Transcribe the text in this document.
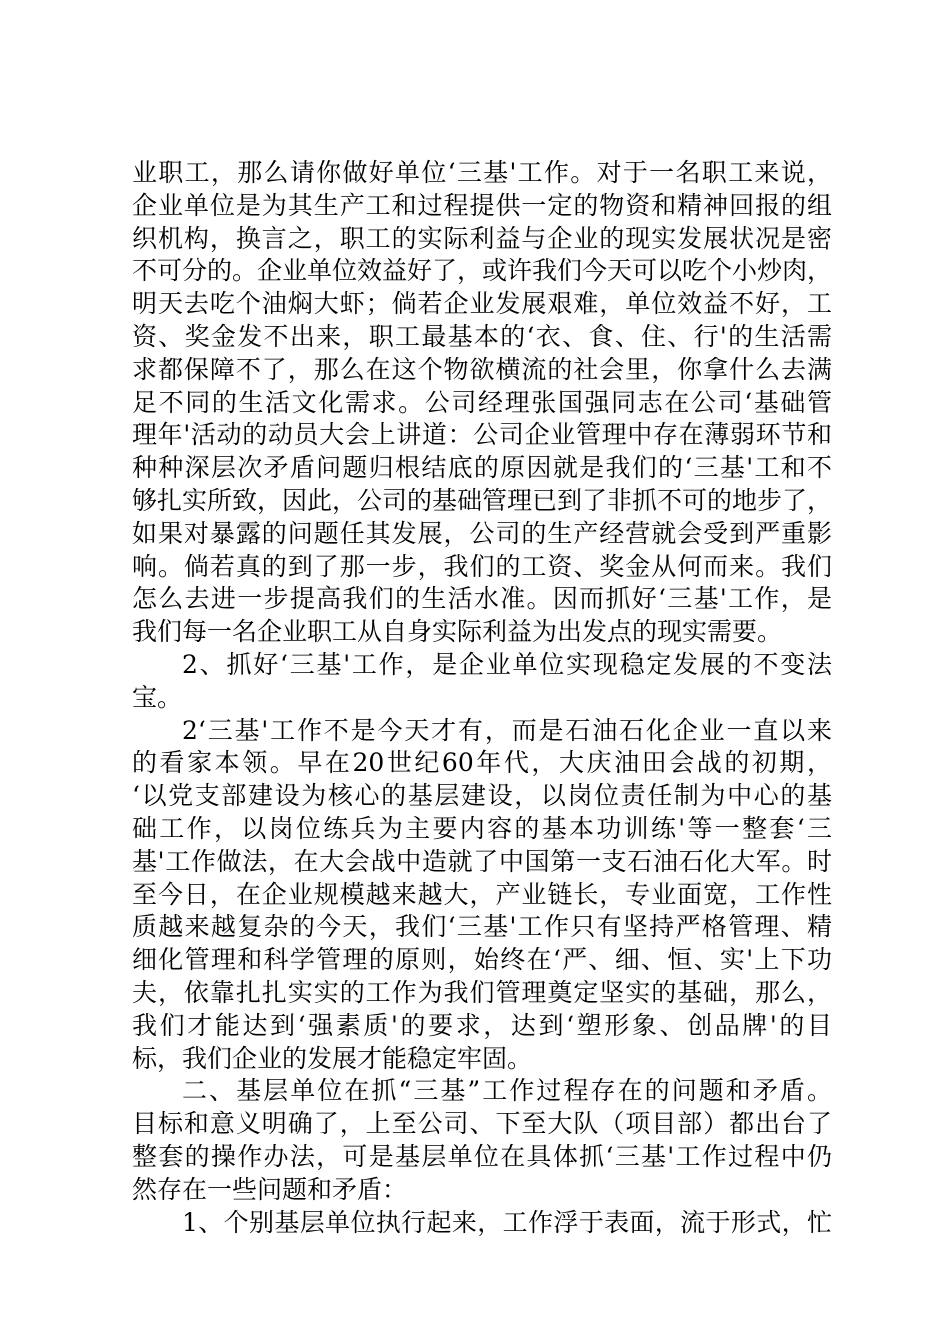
业职工，那么请你做好单位‘三基'工作。对于一名职工来说，
企业单位是为其生产工和过程提供一定的物资和精神回报的组
织机构，换言之，职工的实际利益与企业的现实发展状况是密
不可分的。企业单位效益好了，或许我们今天可以吃个小炒肉，
明天去吃个油焖大虾；倘若企业发展艰难，单位效益不好，工
资、奖金发不出来，职工最基本的‘衣、食、住、行'的生活需
求都保障不了，那么在这个物欲横流的社会里，你拿什么去满
足不同的生活文化需求。公司经理张国强同志在公司‘基础管
理年'活动的动员大会上讲道：公司企业管理中存在薄弱环节和
种种深层次矛盾问题归根结底的原因就是我们的‘三基'工和不
够扎实所致，因此，公司的基础管理已到了非抓不可的地步了，
如果对暴露的问题任其发展，公司的生产经营就会受到严重影
响。倘若真的到了那一步，我们的工资、奖金从何而来。我们
怎么去进一步提高我们的生活水准。因而抓好‘三基'工作，是
我们每一名企业职工从自身实际利益为出发点的现实需要。
2、抓好‘三基'工作，是企业单位实现稳定发展的不变法
宝。
2‘三基'工作不是今天才有，而是石油石化企业一直以来
的看家本领。早在20世纪60年代，大庆油田会战的初期，
‘以党支部建设为核心的基层建设，以岗位责任制为中心的基
础工作，以岗位练兵为主要内容的基本功训练'等一整套‘三
基'工作做法，在大会战中造就了中国第一支石油石化大军。时
至今日，在企业规模越来越大，产业链长，专业面宽，工作性
质越来越复杂的今天，我们‘三基'工作只有坚持严格管理、精
细化管理和科学管理的原则，始终在‘严、细、恒、实'上下功
夫，依靠扎扎实实的工作为我们管理奠定坚实的基础，那么，
我们才能达到‘强素质'的要求，达到‘塑形象、创品牌'的目
标，我们企业的发展才能稳定牢固。
二、基层单位在抓“三基”工作过程存在的问题和矛盾。
目标和意义明确了，上至公司、下至大队（项目部）都出台了
整套的操作办法，可是基层单位在具体抓‘三基'工作过程中仍
然存在一些问题和矛盾：
1、个别基层单位执行起来，工作浮于表面，流于形式，忙
